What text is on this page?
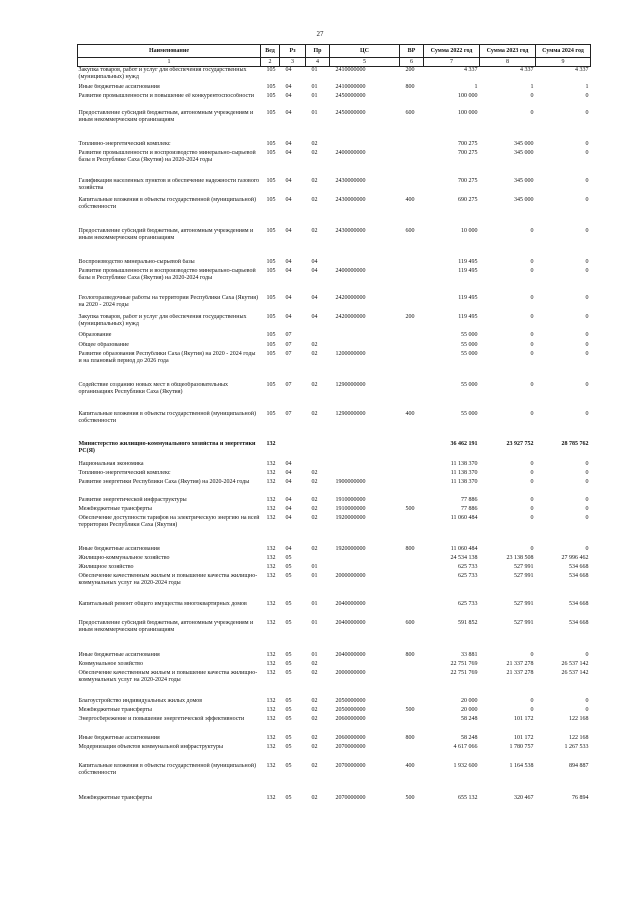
27
Наименование	Вед	Рз	Пр	ЦС	ВР	Сумма 2022 год	Сумма 2023 год	Сумма 2024 год
1	2	3	4	5	6	7	8	9
Закупка товаров, работ и услуг для обеспечения государственных (муниципальных) нужд	105	04	01	2410000000	200	4 337	4 337	4 337
Иные бюджетные ассигнования	105	04	01	2410000000	800	1	1	1
Развитие промышленности и повышение её конкурентоспособности	105	04	01	2450000000		100 000	0	0
Предоставление субсидий бюджетным, автономным учреждениям и иным некоммерческим организациям	105	04	01	2450000000	600	100 000	0	0
Топливно-энергетический комплекс	105	04	02			700 275	345 000	0
Развитие промышленности и воспроизводство минерально-сырьевой базы в Республике Саха (Якутия) на 2020-2024 годы	105	04	02	2400000000		700 275	345 000	0
Газификация населенных пунктов и обеспечение надежности газового хозяйства	105	04	02	2430000000		700 275	345 000	0
Капитальные вложения в объекты государственной (муниципальной) собственности	105	04	02	2430000000	400	690 275	345 000	0
Предоставление субсидий бюджетным, автономным учреждениям и иным некоммерческим организациям	105	04	02	2430000000	600	10 000	0	0
Воспроизводство минерально-сырьевой базы	105	04	04			119 495	0	0
Развитие промышленности и воспроизводство минерально-сырьевой базы в Республике Саха (Якутия) на 2020-2024 годы	105	04	04	2400000000		119 495	0	0
Геологоразведочные работы на территории Республики Саха (Якутия) на 2020 - 2024 годы	105	04	04	2420000000		119 495	0	0
Закупка товаров, работ и услуг для обеспечения государственных (муниципальных) нужд	105	04	04	2420000000	200	119 495	0	0
Образование	105	07				55 000	0	0
Общее образование	105	07	02			55 000	0	0
Развитие образования Республики Саха (Якутия) на 2020 - 2024 годы и на плановый период до 2026 года	105	07	02	1200000000		55 000	0	0
Содействие созданию новых мест в общеобразовательных организациях Республики Саха (Якутия)	105	07	02	1290000000		55 000	0	0
Капитальные вложения в объекты государственной (муниципальной) собственности	105	07	02	1290000000	400	55 000	0	0
Министерство жилищно-коммунального хозяйства и энергетики РС(Я)	132					36 462 191	23 927 752	28 785 762
Национальная экономика	132	04				11 138 370	0	0
Топливно-энергетический комплекс	132	04	02			11 138 370	0	0
Развитие энергетики Республики Саха (Якутия) на 2020-2024 годы	132	04	02	1900000000		11 138 370	0	0
Развитие энергетической инфраструктуры	132	04	02	1910000000		77 886	0	0
Межбюджетные трансферты	132	04	02	1910000000	500	77 886	0	0
Обеспечение доступности тарифов на электрическую энергию на всей территории Республики Саха (Якутия)	132	04	02	1920000000		11 060 484	0	0
Иные бюджетные ассигнования	132	04	02	1920000000	800	11 060 484	0	0
Жилищно-коммунальное хозяйство	132	05				24 534 138	23 138 508	27 996 462
Жилищное хозяйство	132	05	01			625 733	527 991	534 668
Обеспечение качественным жильем и повышение качества жилищно-коммунальных услуг на 2020-2024 годы	132	05	01	2000000000		625 733	527 991	534 668
Капитальный ремонт общего имущества многоквартирных домов	132	05	01	2040000000		625 733	527 991	534 668
Предоставление субсидий бюджетным, автономным учреждениям и иным некоммерческим организациям	132	05	01	2040000000	600	591 852	527 991	534 668
Иные бюджетные ассигнования	132	05	01	2040000000	800	33 881	0	0
Коммунальное хозяйство	132	05	02			22 751 769	21 337 278	26 537 142
Обеспечение качественным жильем и повышение качества жилищно-коммунальных услуг на 2020-2024 годы	132	05	02	2000000000		22 751 769	21 337 278	26 537 142
Благоустройство индивидуальных жилых домов	132	05	02	2050000000		20 000	0	0
Межбюджетные трансферты	132	05	02	2050000000	500	20 000	0	0
Энергосбережение и повышение энергетической эффективности	132	05	02	2060000000		58 248	101 172	122 168
Иные бюджетные ассигнования	132	05	02	2060000000	800	58 248	101 172	122 168
Модернизация объектов коммунальной инфраструктуры	132	05	02	2070000000		4 617 066	1 780 757	1 267 533
Капитальные вложения в объекты государственной (муниципальной) собственности	132	05	02	2070000000	400	1 932 600	1 164 538	894 887
Межбюджетные трансферты	132	05	02	2070000000	500	655 132	320 467	76 894
